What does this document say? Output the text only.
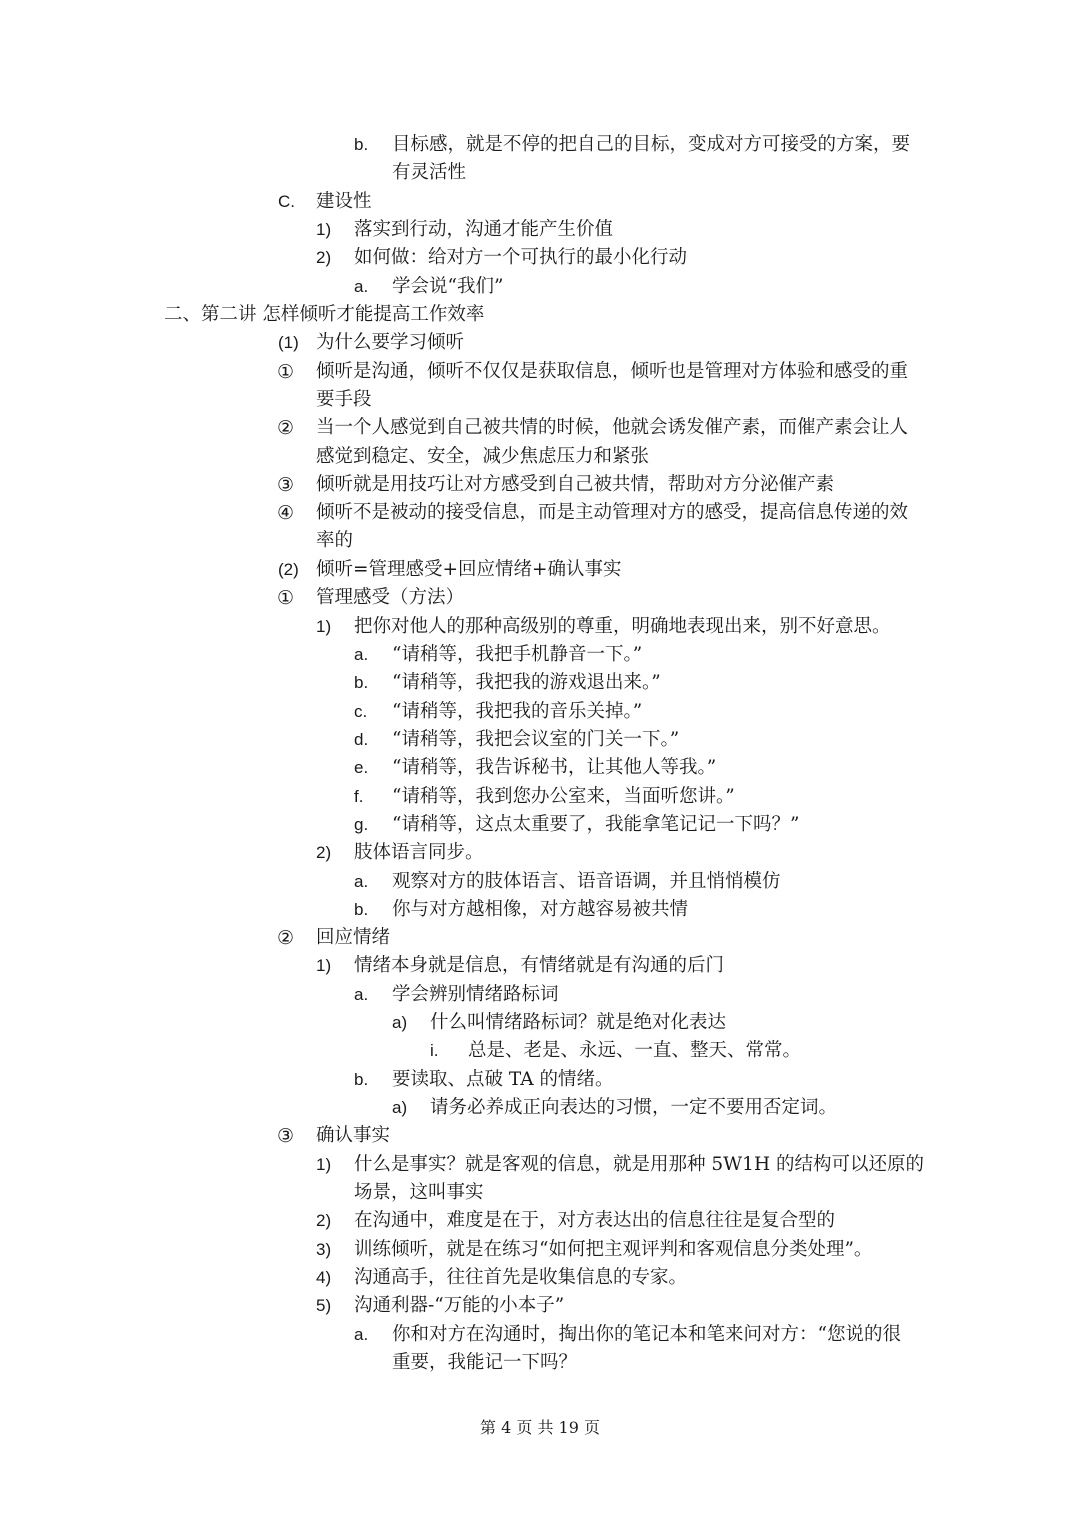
b. 目标感，就是不停的把自己的目标，变成对方可接受的方案，要
有灵活性
C. 建设性
1) 落实到行动，沟通才能产生价值
2) 如何做：给对方一个可执行的最小化行动
a. 学会说“我们”
二、第二讲 怎样倾听才能提高工作效率
(1) 为什么要学习倾听
① 倾听是沟通，倾听不仅仅是获取信息，倾听也是管理对方体验和感受的重
要手段
② 当一个人感觉到自己被共情的时候，他就会诱发催产素，而催产素会让人
感觉到稳定、安全，减少焦虑压力和紧张
③ 倾听就是用技巧让对方感受到自己被共情，帮助对方分泌催产素
④ 倾听不是被动的接受信息，而是主动管理对方的感受，提高信息传递的效
率的
(2) 倾听=管理感受+回应情绪+确认事实
① 管理感受（方法）
1) 把你对他人的那种高级别的尊重，明确地表现出来，别不好意思。
a. “请稍等，我把手机静音一下。”
b. “请稍等，我把我的游戏退出来。”
c. “请稍等，我把我的音乐关掉。”
d. “请稍等，我把会议室的门关一下。”
e. “请稍等，我告诉秘书，让其他人等我。”
f. “请稍等，我到您办公室来，当面听您讲。”
g. “请稍等，这点太重要了，我能拿笔记记一下吗？”
2) 肢体语言同步。
a. 观察对方的肢体语言、语音语调，并且悄悄模仿
b. 你与对方越相像，对方越容易被共情
② 回应情绪
1) 情绪本身就是信息，有情绪就是有沟通的后门
a. 学会辨别情绪路标词
a) 什么叫情绪路标词？就是绝对化表达
i. 总是、老是、永远、一直、整天、常常。
b. 要读取、点破 TA 的情绪。
a) 请务必养成正向表达的习惯，一定不要用否定词。
③ 确认事实
1) 什么是事实？就是客观的信息，就是用那种 5W1H 的结构可以还原的
场景，这叫事实
2) 在沟通中，难度是在于，对方表达出的信息往往是复合型的
3) 训练倾听，就是在练习“如何把主观评判和客观信息分类处理”。
4) 沟通高手，往往首先是收集信息的专家。
5) 沟通利器-“万能的小本子”
a. 你和对方在沟通时，掏出你的笔记本和笔来问对方：“您说的很
重要，我能记一下吗？
第 4 页 共 19 页
